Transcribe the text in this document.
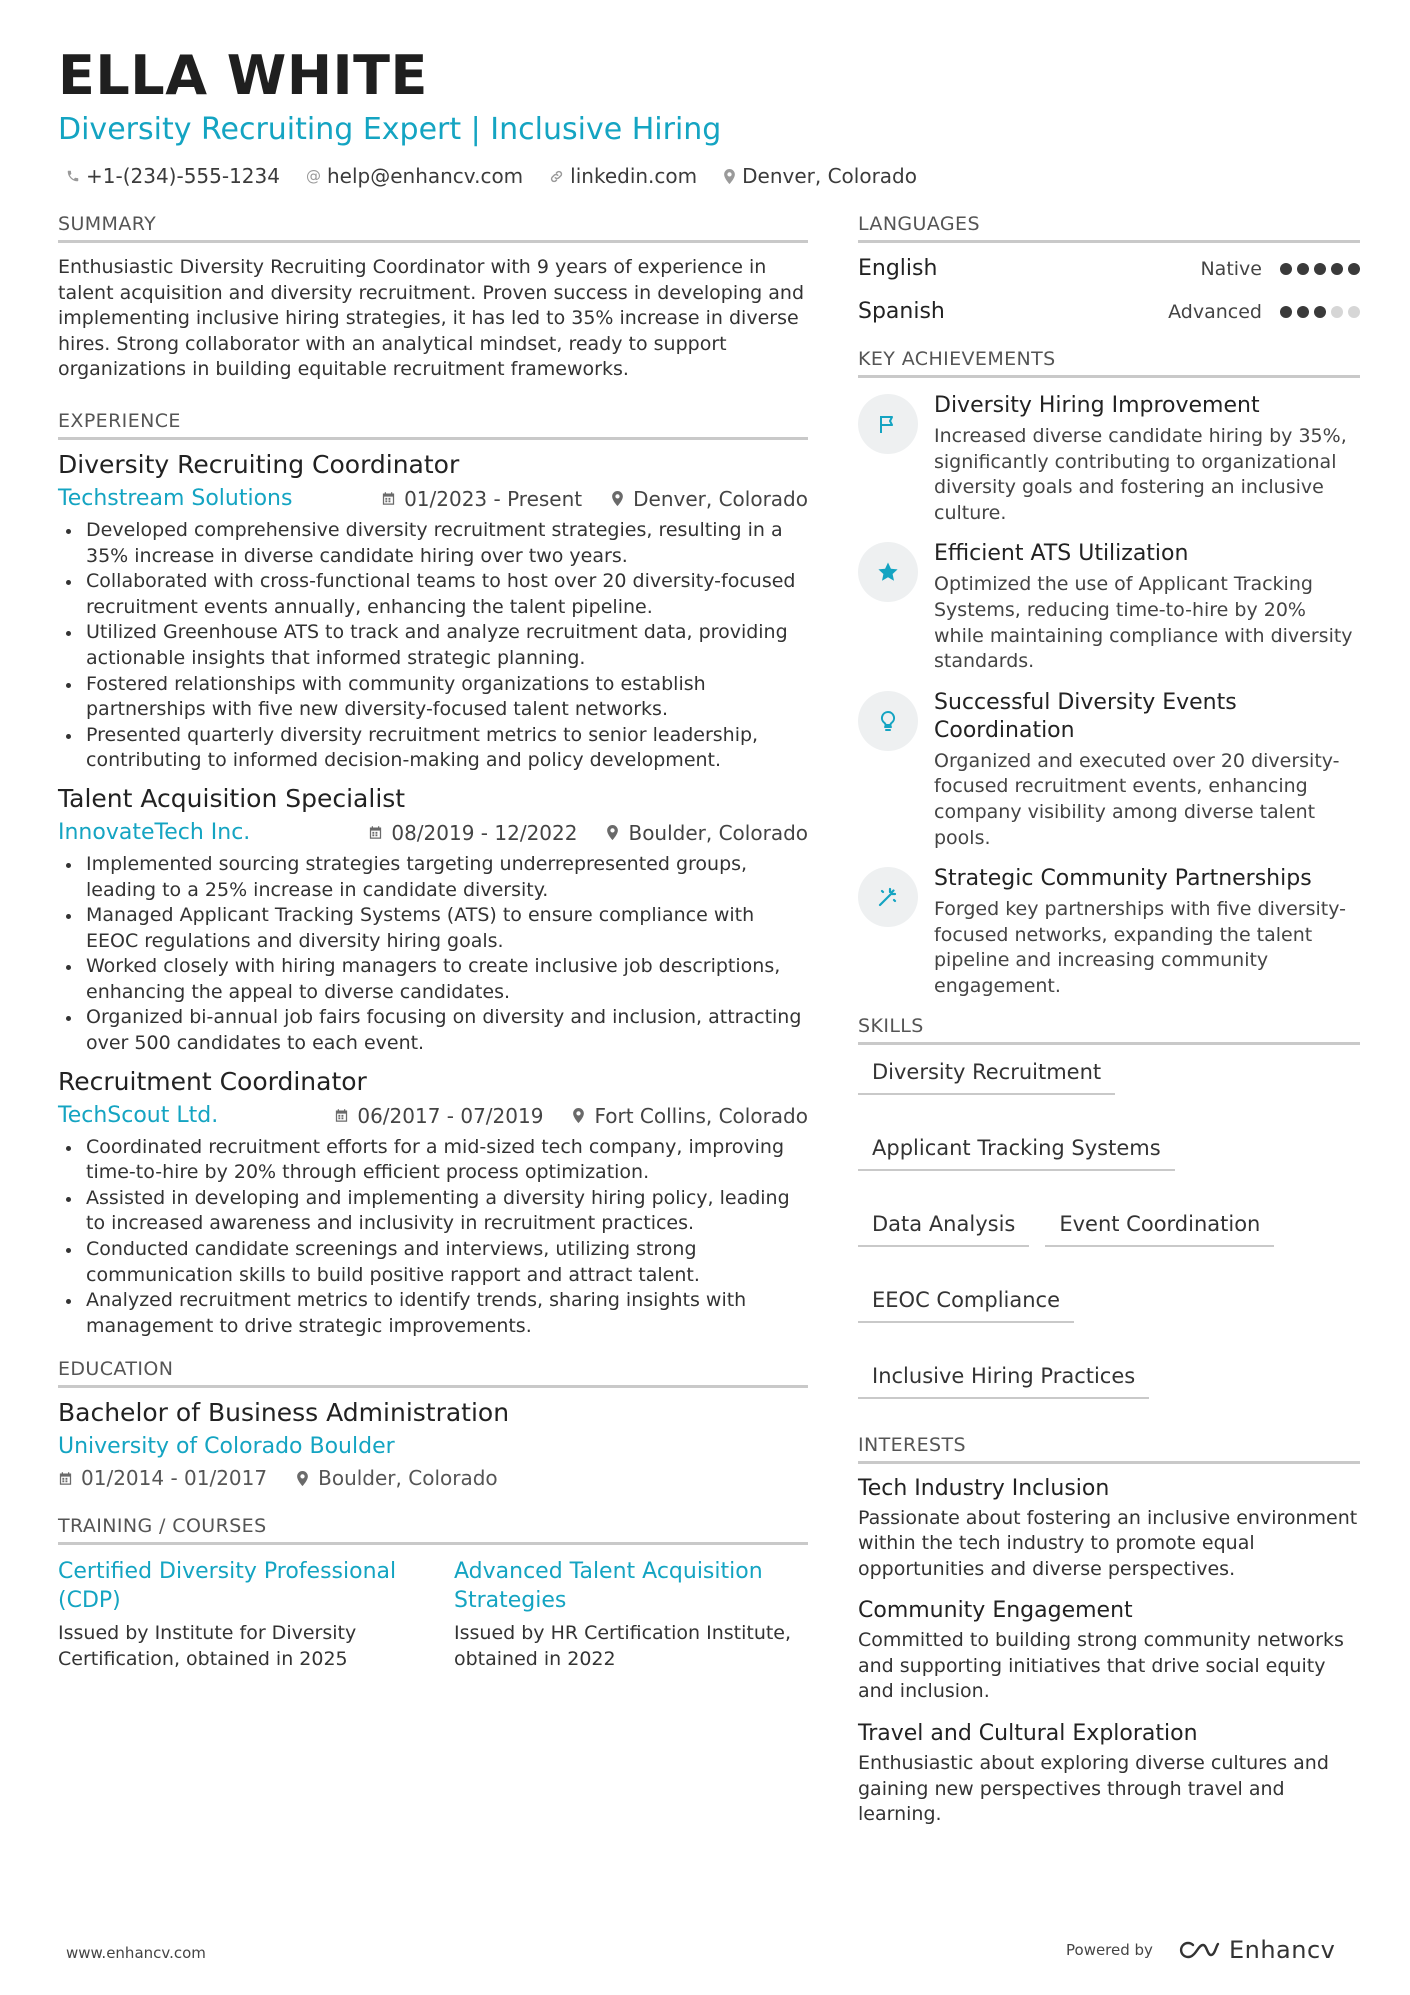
ELLA WHITE
Diversity Recruiting Expert | Inclusive Hiring
+1-(234)-555-1234 @ help@enhancv.com linkedin.com Denver, Colorado
SUMMARY
Enthusiastic Diversity Recruiting Coordinator with 9 years of experience in talent acquisition and diversity recruitment. Proven success in developing and implementing inclusive hiring strategies, it has led to 35% increase in diverse hires. Strong collaborator with an analytical mindset, ready to support organizations in building equitable recruitment frameworks.
EXPERIENCE
Diversity Recruiting Coordinator
Techstream Solutions	01/2023 - Present	Denver, Colorado
Developed comprehensive diversity recruitment strategies, resulting in a 35% increase in diverse candidate hiring over two years.
Collaborated with cross-functional teams to host over 20 diversity-focused recruitment events annually, enhancing the talent pipeline.
Utilized Greenhouse ATS to track and analyze recruitment data, providing actionable insights that informed strategic planning.
Fostered relationships with community organizations to establish partnerships with five new diversity-focused talent networks.
Presented quarterly diversity recruitment metrics to senior leadership, contributing to informed decision-making and policy development.
Talent Acquisition Specialist
InnovateTech Inc.	08/2019 - 12/2022	Boulder, Colorado
Implemented sourcing strategies targeting underrepresented groups, leading to a 25% increase in candidate diversity.
Managed Applicant Tracking Systems (ATS) to ensure compliance with EEOC regulations and diversity hiring goals.
Worked closely with hiring managers to create inclusive job descriptions, enhancing the appeal to diverse candidates.
Organized bi-annual job fairs focusing on diversity and inclusion, attracting over 500 candidates to each event.
Recruitment Coordinator
TechScout Ltd.	06/2017 - 07/2019	Fort Collins, Colorado
Coordinated recruitment efforts for a mid-sized tech company, improving time-to-hire by 20% through efficient process optimization.
Assisted in developing and implementing a diversity hiring policy, leading to increased awareness and inclusivity in recruitment practices.
Conducted candidate screenings and interviews, utilizing strong communication skills to build positive rapport and attract talent.
Analyzed recruitment metrics to identify trends, sharing insights with management to drive strategic improvements.
EDUCATION
Bachelor of Business Administration
University of Colorado Boulder
01/2014 - 01/2017	Boulder, Colorado
TRAINING / COURSES
Certified Diversity Professional (CDP)
Issued by Institute for Diversity Certification, obtained in 2025
Advanced Talent Acquisition Strategies
Issued by HR Certification Institute, obtained in 2022
LANGUAGES
English	Native
Spanish	Advanced
KEY ACHIEVEMENTS
Diversity Hiring Improvement
Increased diverse candidate hiring by 35%, significantly contributing to organizational diversity goals and fostering an inclusive culture.
Efficient ATS Utilization
Optimized the use of Applicant Tracking Systems, reducing time-to-hire by 20% while maintaining compliance with diversity standards.
Successful Diversity Events Coordination
Organized and executed over 20 diversity-focused recruitment events, enhancing company visibility among diverse talent pools.
Strategic Community Partnerships
Forged key partnerships with five diversity-focused networks, expanding the talent pipeline and increasing community engagement.
SKILLS
Diversity Recruitment
Applicant Tracking Systems
Data Analysis	Event Coordination
EEOC Compliance
Inclusive Hiring Practices
INTERESTS
Tech Industry Inclusion
Passionate about fostering an inclusive environment within the tech industry to promote equal opportunities and diverse perspectives.
Community Engagement
Committed to building strong community networks and supporting initiatives that drive social equity and inclusion.
Travel and Cultural Exploration
Enthusiastic about exploring diverse cultures and gaining new perspectives through travel and learning.
www.enhancv.com	Powered by	Enhancv
